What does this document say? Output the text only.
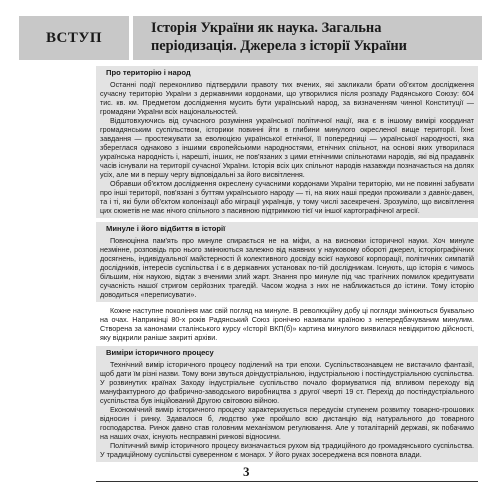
ВСТУП
Історія України як наука. Загальна
періодизація. Джерела з історії України
Про територію і народ

Останні події переконливо підтвердили правоту тих вчених, які закликали брати об'єктом дослідження сучасну територію України з державними кордонами, що утворилися після розпаду Радянського Союзу: 604 тис. кв. км. Предметом дослідження мусить бути український народ, за визначенням чинної Конституції — громадяни України всіх національностей.

Відштовхуючись від сучасного розуміння української політичної нації, яка є в іншому вимірі координат громадянським суспільством, історики повинні йти в глибини минулого окресленої вище території. Їхнє завдання — простежувати за еволюцією української етнічної, її попередниці — української народності, яка збереглася однаково з іншими європейськими народностями, етнічних спільнот, на основі яких утворилася українська народність і, нарешті, інших, не пов'язаних з цими етнічними спільнотами народів, які від прадавніх часів існували на території сучасної України. Історія всіх цих спільнот народів назавжди позначається на долях усіх, але ми в першу чергу відповідальні за його висвітлення.

Обравши об'єктом дослідження окреслену сучасними кордонами України територію, ми не повинні забувати про інші території, пов'язані з буттям українського народу — ті, на яких наші предки проживали з давніх-давен, та і ті, які були об'єктом колонізації або міграції українців, у тому числі засекречені. Зрозуміло, що висвітлення цих сюжетів не має нічого спільного з пасивною підтримкою тієї чи іншої картографічної агресії.

Минуле і його відбиття в історії

Повноцінна пам'ять про минуле спирається не на міфи, а на висновки історичної науки. Хоч минуле незмінне, розповідь про нього змінюються залежно від наявних у науковому обороті джерел, історіографічних досягнень, індивідуальної майстерності й колективного досвіду всієї наукової корпорації, політичних симпатій дослідників, інтересів суспільства і є в державних установах по-тій дослідникам. Існують, що історія є чимось більшим, ніж наукою, відтак з вченими злий жарт. Знання про минуле під час трагічних помилок кредитувати сучасність нашої стригом серйозних трагедій. Часом жодна з них не наближається до істини. Тому історію доводиться «переписувати».

Кожне наступне покоління має свій погляд на минуле. В революційну добу ці погляди змінюються буквально на очах. Наприкінці 80-х років Радянський Союз іронічно називали країною з непередбачуваним минулим. Створена за канонами сталінського курсу «Історії ВКП(б)» картина минулого виявилася невідкритою дійсності, яку відкрили раніше закриті архіви.

Виміри історичного процесу

Технічний вимір історичного процесу поділений на три епохи. Суспільствознавцем не вистачило фантазії, щоб дати їм різні назви. Тому вони звуться доіндустріальною, індустріальною і постіндустріальною суспільства. У розвинутих країнах Заходу індустріальне суспільство почало формуватися під впливом переходу від мануфактурного до фабрично-заводського виробництва з другої чверті 19 ст. Перехід до постіндустріального суспільства був ініційований Другою світовою війною.

Економічний вимір історичного процесу характеризується передусім ступенем розвитку товарно-грошових відносин і ринку. Здавалося б, людство уже пройшло всю дистанцію від натурального до товарного господарства. Ринок давно став головним механізмом регулювання. Але у тоталітарній державі, як побачимо на наших очах, існують несправжні ринкові відносини.

Політичний вимір історичного процесу визначається рухом від традиційного до громадянського суспільства. У традиційному суспільстві суверенном є монарх. У його руках зосереджена вся повнота влади.

3
